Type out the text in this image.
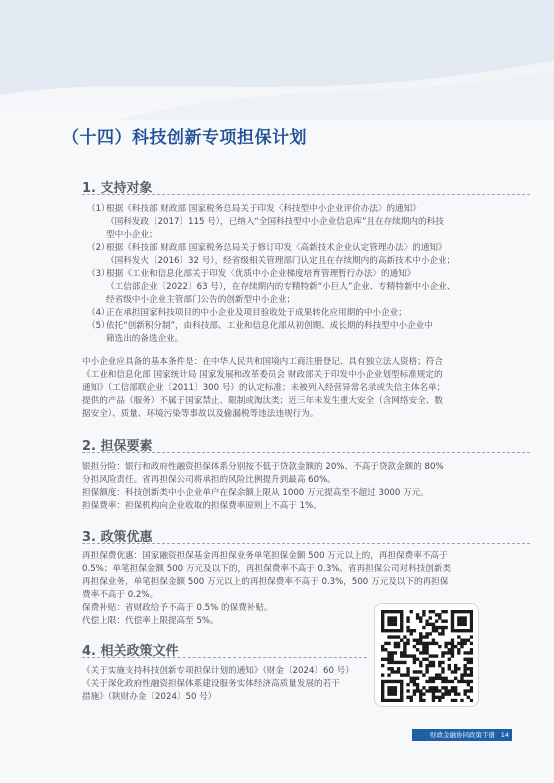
（十四）科技创新专项担保计划
1. 支持对象
（1）
根据《科技部 财政部 国家税务总局关于印发〈科技型中小企业评价办法〉的通知》
（国科发政〔2017〕115 号），已纳入“全国科技型中小企业信息库”且在存续期内的科技
型中小企业；
（2）
根据《科技部 财政部 国家税务总局关于修订印发〈高新技术企业认定管理办法〉的通知》
（国科发火〔2016〕32 号），经省级相关管理部门认定且在存续期内的高新技术中小企业；
（3）
根据《工业和信息化部关于印发〈优质中小企业梯度培育管理暂行办法〉的通知》
（工信部企业〔2022〕63 号），在存续期内的专精特新“小巨人”企业、专精特新中小企业、
经省级中小企业主管部门公告的创新型中小企业；
（4）
正在承担国家科技项目的中小企业及项目验收处于成果转化应用期的中小企业；
（5）
依托“创新积分制”，由科技部、工业和信息化部从初创期、成长期的科技型中小企业中
筛选出的备选企业。

中小企业应具备的基本条件是：在中华人民共和国境内工商注册登记、具有独立法人资格；符合

《工业和信息化部 国家统计局 国家发展和改革委员会 财政部关于印发中小企业划型标准规定的

通知》（工信部联企业〔2011〕300 号）的认定标准；未被列入经营异常名录或失信主体名单；

提供的产品（服务）不属于国家禁止、限制或淘汰类；近三年未发生重大安全（含网络安全、数

据安全）、质量、环境污染等事故以及偷漏税等违法违规行为。

2. 担保要素

银担分险：银行和政府性融资担保体系分别按不低于贷款金额的 20%、不高于贷款金额的 80%

分担风险责任。省再担保公司将承担的风险比例提升到最高 60%。

担保额度：科技创新类中小企业单户在保余额上限从 1000 万元提高至不超过 3000 万元。

担保费率：担保机构向企业收取的担保费率原则上不高于 1%。

3. 政策优惠

再担保费优惠：国家融资担保基金再担保业务单笔担保金额 500 万元以上的，再担保费率不高于

0.5%；单笔担保金额 500 万元及以下的，再担保费率不高于 0.3%。省再担保公司对科技创新类

再担保业务，单笔担保金额 500 万元以上的再担保费率不高于 0.3%，500 万元及以下的再担保

费率不高于 0.2%。

保费补贴：省财政给予不高于 0.5% 的保费补贴。

代偿上限：代偿率上限提高至 5%。

4. 相关政策文件

《关于实施支持科技创新专项担保计划的通知》（财金〔2024〕60 号）

《关于深化政府性融资担保体系建设服务实体经济高质量发展的若干

措施》（陕财办金〔2024〕50 号）

财政金融协同政策手册 14
